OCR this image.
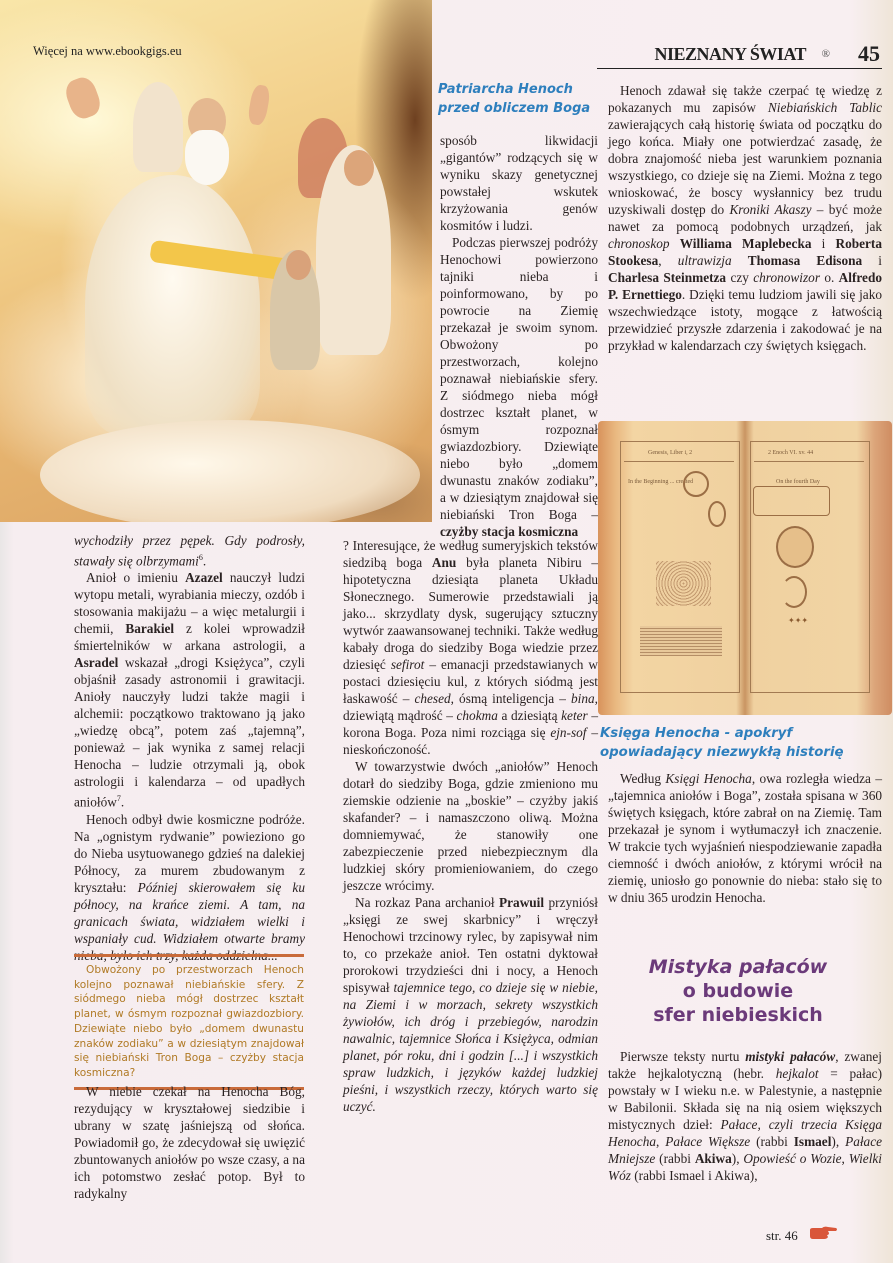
Więcej na www.ebookgigs.eu	NIEZNANY ŚWIAT ® 45
Patriarcha Henoch
przed obliczem Boga

sposób likwidacji „gigantów” rodzących się w wyniku skazy genetycznej powstałej wskutek krzyżowania genów kosmitów i ludzi.

Podczas pierwszej podróży Henochowi powierzono tajniki nieba i poinformowano, by po powrocie na Ziemię przekazał je swoim synom. Obwożony po przestworzach, kolejno poznawał niebiańskie sfery. Z siódmego nieba mógł dostrzec kształt planet, w ósmym rozpoznał gwiazdozbiory. Dziewiąte niebo było „domem dwunastu znaków zodiaku”, a w dziesiątym znajdował się niebiański Tron Boga – czyżby stacja kosmiczna

? Interesujące, że według sumeryjskich tekstów siedzibą boga Anu była planeta Nibiru – hipotetyczna dziesiąta planeta Układu Słonecznego. Sumerowie przedstawiali ją jako... skrzydlaty dysk, sugerujący sztuczny wytwór zaawansowanej techniki. Także według kabały droga do siedziby Boga wiedzie przez dziesięć sefirot – emanacji przedstawianych w postaci dziesięciu kul, z których siódmą jest łaskawość – chesed, ósmą inteligencja – bina, dziewiątą mądrość – chokma a dziesiątą keter – korona Boga. Poza nimi rozciąga się ejn-sof – nieskończoność.

W towarzystwie dwóch „aniołów” Henoch dotarł do siedziby Boga, gdzie zmieniono mu ziemskie odzienie na „boskie” – czyżby jakiś skafander? – i namaszczono oliwą. Można domniemywać, że stanowiły one zabezpieczenie przed niebezpiecznym dla ludzkiej skóry promieniowaniem, do czego jeszcze wrócimy.

Na rozkaz Pana archanioł Prawuil przyniósł „księgi ze swej skarbnicy” i wręczył Henochowi trzcinowy rylec, by zapisywał nim to, co przekaże anioł. Ten ostatni dyktował prorokowi trzydzieści dni i nocy, a Henoch spisywał tajemnice tego, co dzieje się w niebie, na Ziemi i w morzach, sekrety wszystkich żywiołów, ich dróg i przebiegów, narodzin nawalnic, tajemnice Słońca i Księżyca, odmian planet, pór roku, dni i godzin [...] i wszystkich spraw ludzkich, i języków każdej ludzkiej pieśni, i wszystkich rzeczy, których warto się uczyć.

wychodziły przez pępek. Gdy podrosły, stawały się olbrzymami$^6$.

Anioł o imieniu Azazel nauczył ludzi wytopu metali, wyrabiania mieczy, ozdób i stosowania makijażu – a więc metalurgii i chemii, Barakiel z kolei wprowadził śmiertelników w arkana astrologii, a Asradel wskazał „drogi Księżyca”, czyli objaśnił zasady astronomii i grawitacji. Anioły nauczyły ludzi także magii i alchemii: początkowo traktowano ją jako „wiedzę obcą”, potem zaś „tajemną”, ponieważ – jak wynika z samej relacji Henocha – ludzie otrzymali ją, obok astrologii i kalendarza – od upadłych aniołów$^7$.

Henoch odbył dwie kosmiczne podróże. Na „ognistym rydwanie” powieziono go do Nieba usytuowanego gdzieś na dalekiej Północy, za murem zbudowanym z kryształu: Później skierowałem się ku północy, na krańce ziemi. A tam, na granicach świata, widziałem wielki i wspaniały cud. Widziałem otwarte bramy nieba, było ich trzy, każda oddzielna...

Obwożony po przestworzach Henoch kolejno poznawał niebiańskie sfery. Z siódmego nieba mógł dostrzec kształt planet, w ósmym rozpoznał gwiazdozbiory. Dziewiąte niebo było „domem dwunastu znaków zodiaku” a w dziesiątym znajdował się niebiański Tron Boga – czyżby stacja kosmiczna?

W niebie czekał na Henocha Bóg, rezydujący w kryształowej siedzibie i ubrany w szatę jaśniejszą od słońca. Powiadomił go, że zdecydował się uwięzić zbuntowanych aniołów po wsze czasy, a na ich potomstwo zesłać potop. Był to radykalny

Henoch zdawał się także czerpać tę wiedzę z pokazanych mu zapisów Niebiańskich Tablic zawierających całą historię świata od początku do jego końca. Miały one potwierdzać zasadę, że dobra znajomość nieba jest warunkiem poznania wszystkiego, co dzieje się na Ziemi. Można z tego wnioskować, że boscy wysłannicy bez trudu uzyskiwali dostęp do Kroniki Akaszy – być może nawet za pomocą podobnych urządzeń, jak chronoskop Williama Maplebecka i Roberta Stookesa, ultrawizja Thomasa Edisona i Charlesa Steinmetza czy chronowizor o. Alfredo P. Ernettiego. Dzięki temu ludziom jawili się jako wszechwiedzące istoty, mogące z łatwością przewidzieć przyszłe zdarzenia i zakodować je na przykład w kalendarzach czy świętych księgach.

Genesis, Liber i, 2	2 Enoch VI. xv. 44
In the Beginning ... created	On the fourth Day
✦✦✦
Księga Henocha - apokryf opowiadający niezwykłą historię

Według Księgi Henocha, owa rozległa wiedza – „tajemnica aniołów i Boga”, została spisana w 360 świętych księgach, które zabrał on na Ziemię. Tam przekazał je synom i wytłumaczył ich znaczenie. W trakcie tych wyjaśnień niespodziewanie zapadła ciemność i dwóch aniołów, z którymi wrócił na ziemię, uniosło go ponownie do nieba: stało się to w dniu 365 urodzin Henocha.

Mistyka pałaców
o budowie
sfer niebieskich

Pierwsze teksty nurtu mistyki pałaców, zwanej także hejkalotyczną (hebr. hejkalot = pałac) powstały w I wieku n.e. w Palestynie, a następnie w Babilonii. Składa się na nią osiem większych mistycznych dzieł: Pałace, czyli trzecia Księga Henocha, Pałace Większe (rabbi Ismael), Pałace Mniejsze (rabbi Akiwa), Opowieść o Wozie, Wielki Wóz (rabbi Ismael i Akiwa),

str. 46
